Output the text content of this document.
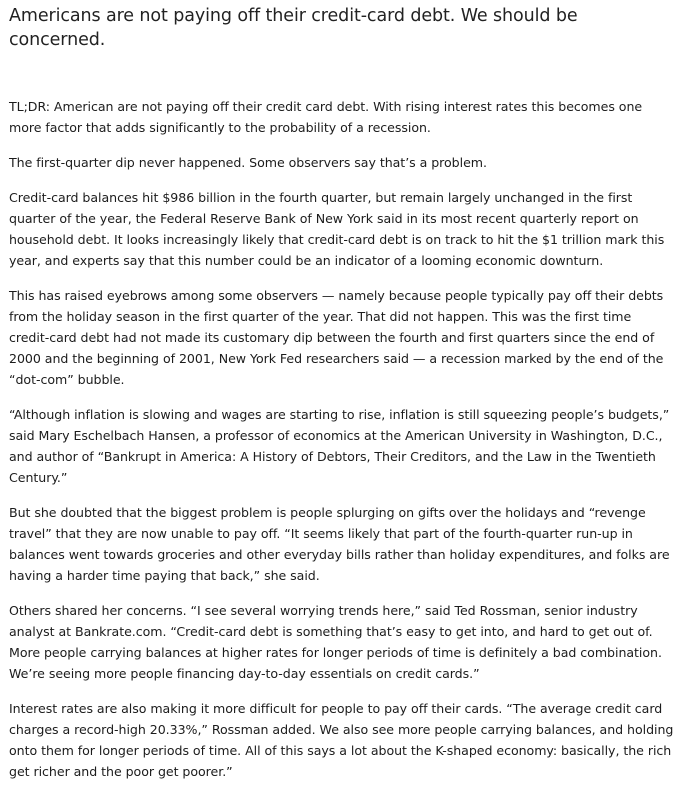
Americans are not paying off their credit-card debt. We should be concerned.

TL;DR: American are not paying off their credit card debt. With rising interest rates this becomes one more factor that adds significantly to the probability of a recession.

The first-quarter dip never happened. Some observers say that’s a problem.

Credit-card balances hit $986 billion in the fourth quarter, but remain largely unchanged in the first quarter of the year, the Federal Reserve Bank of New York said in its most recent quarterly report on household debt. It looks increasingly likely that credit-card debt is on track to hit the $1 trillion mark this year, and experts say that this number could be an indicator of a looming economic downturn.

This has raised eyebrows among some observers — namely because people typically pay off their debts from the holiday season in the first quarter of the year. That did not happen. This was the first time credit-card debt had not made its customary dip between the fourth and first quarters since the end of 2000 and the beginning of 2001, New York Fed researchers said — a recession marked by the end of the “dot-com” bubble.

“Although inflation is slowing and wages are starting to rise, inflation is still squeezing people’s budgets,” said Mary Eschelbach Hansen, a professor of economics at the American University in Washington, D.C., and author of “Bankrupt in America: A History of Debtors, Their Creditors, and the Law in the Twentieth Century.”

But she doubted that the biggest problem is people splurging on gifts over the holidays and “revenge travel” that they are now unable to pay off. “It seems likely that part of the fourth-quarter run-up in balances went towards groceries and other everyday bills rather than holiday expenditures, and folks are having a harder time paying that back,” she said.

Others shared her concerns. “I see several worrying trends here,” said Ted Rossman, senior industry analyst at Bankrate.com. “Credit-card debt is something that’s easy to get into, and hard to get out of. More people carrying balances at higher rates for longer periods of time is definitely a bad combination. We’re seeing more people financing day-to-day essentials on credit cards.”

Interest rates are also making it more difficult for people to pay off their cards. “The average credit card charges a record-high 20.33%,” Rossman added. We also see more people carrying balances, and holding onto them for longer periods of time. All of this says a lot about the K-shaped economy: basically, the rich get richer and the poor get poorer.”
